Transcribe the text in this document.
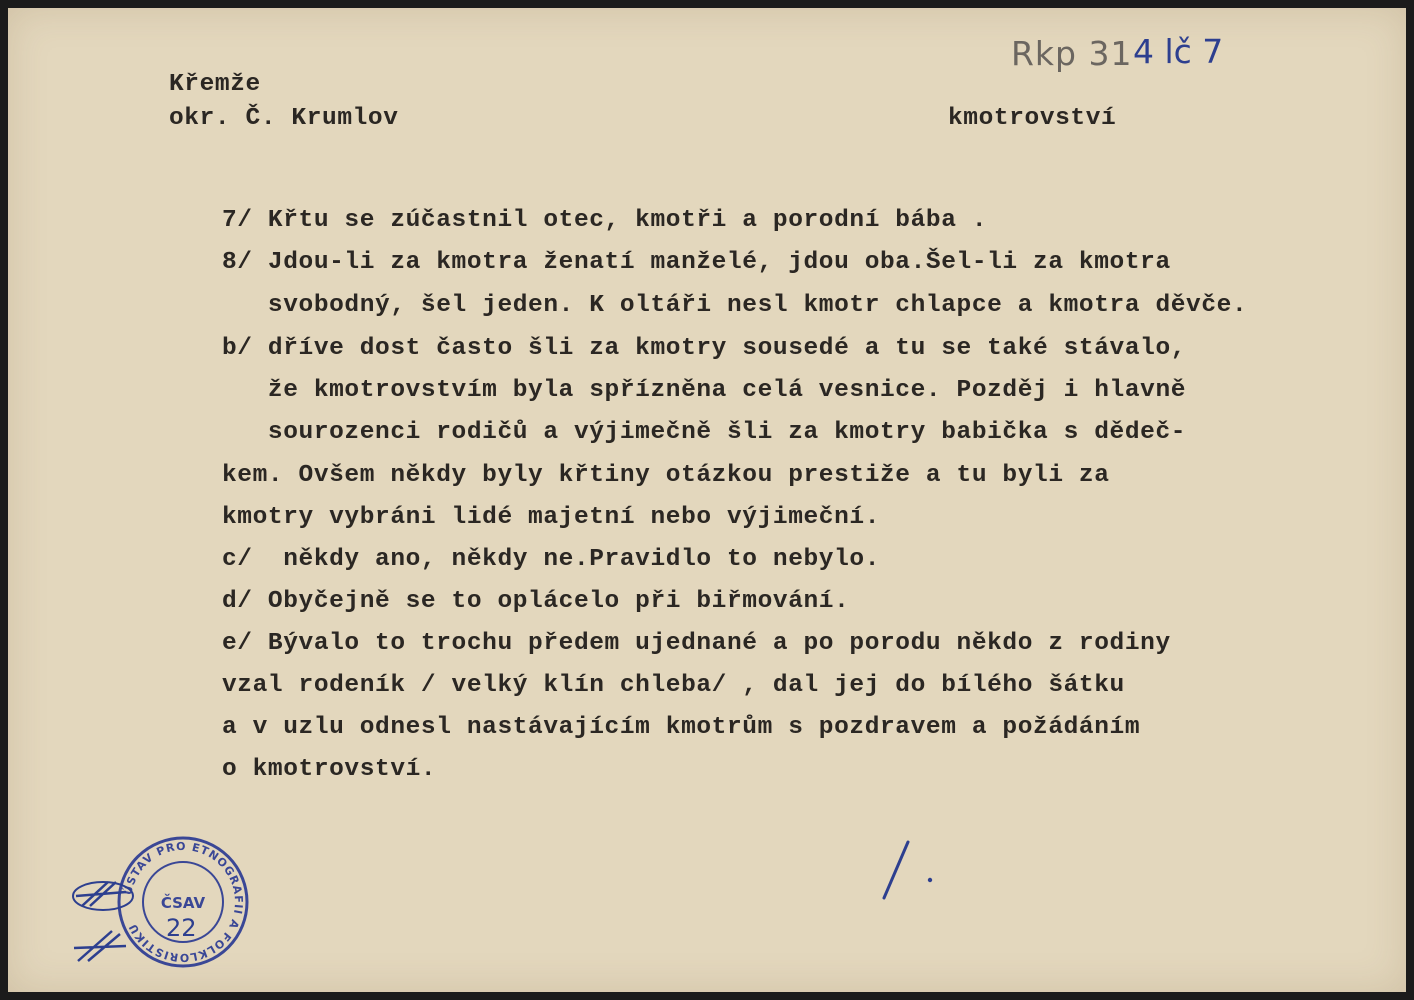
Křemže
okr. Č. Krumlov	kmotrovství
Rkp 31 4 lč 7
7/ Křtu se zúčastnil otec, kmotři a porodní bába .
8/ Jdou-li za kmotra ženatí manželé, jdou oba.Šel-li za kmotra
svobodný, šel jeden. K oltáři nesl kmotr chlapce a kmotra děvče.
b/ dříve dost často šli za kmotry sousedé a tu se také stávalo,
že kmotrovstvím byla spřízněna celá vesnice. Pozděj i hlavně
sourozenci rodičů a výjimečně šli za kmotry babička s dědeč-
kem. Ovšem někdy byly křtiny otázkou prestiže a tu byli za
kmotry vybráni lidé majetní nebo výjimeční.
c/  někdy ano, někdy ne.Pravidlo to nebylo.
d/ Obyčejně se to oplácelo při biřmování.
e/ Bývalo to trochu předem ujednané a po porodu někdo z rodiny
vzal rodeník / velký klín chleba/ , dal jej do bílého šátku
a v uzlu odnesl nastávajícím kmotrům s pozdravem a požádáním
o kmotrovství.
ÚSTAV PRO ETNOGRAFII A FOLKLORISTIKU
ČSAV
22
